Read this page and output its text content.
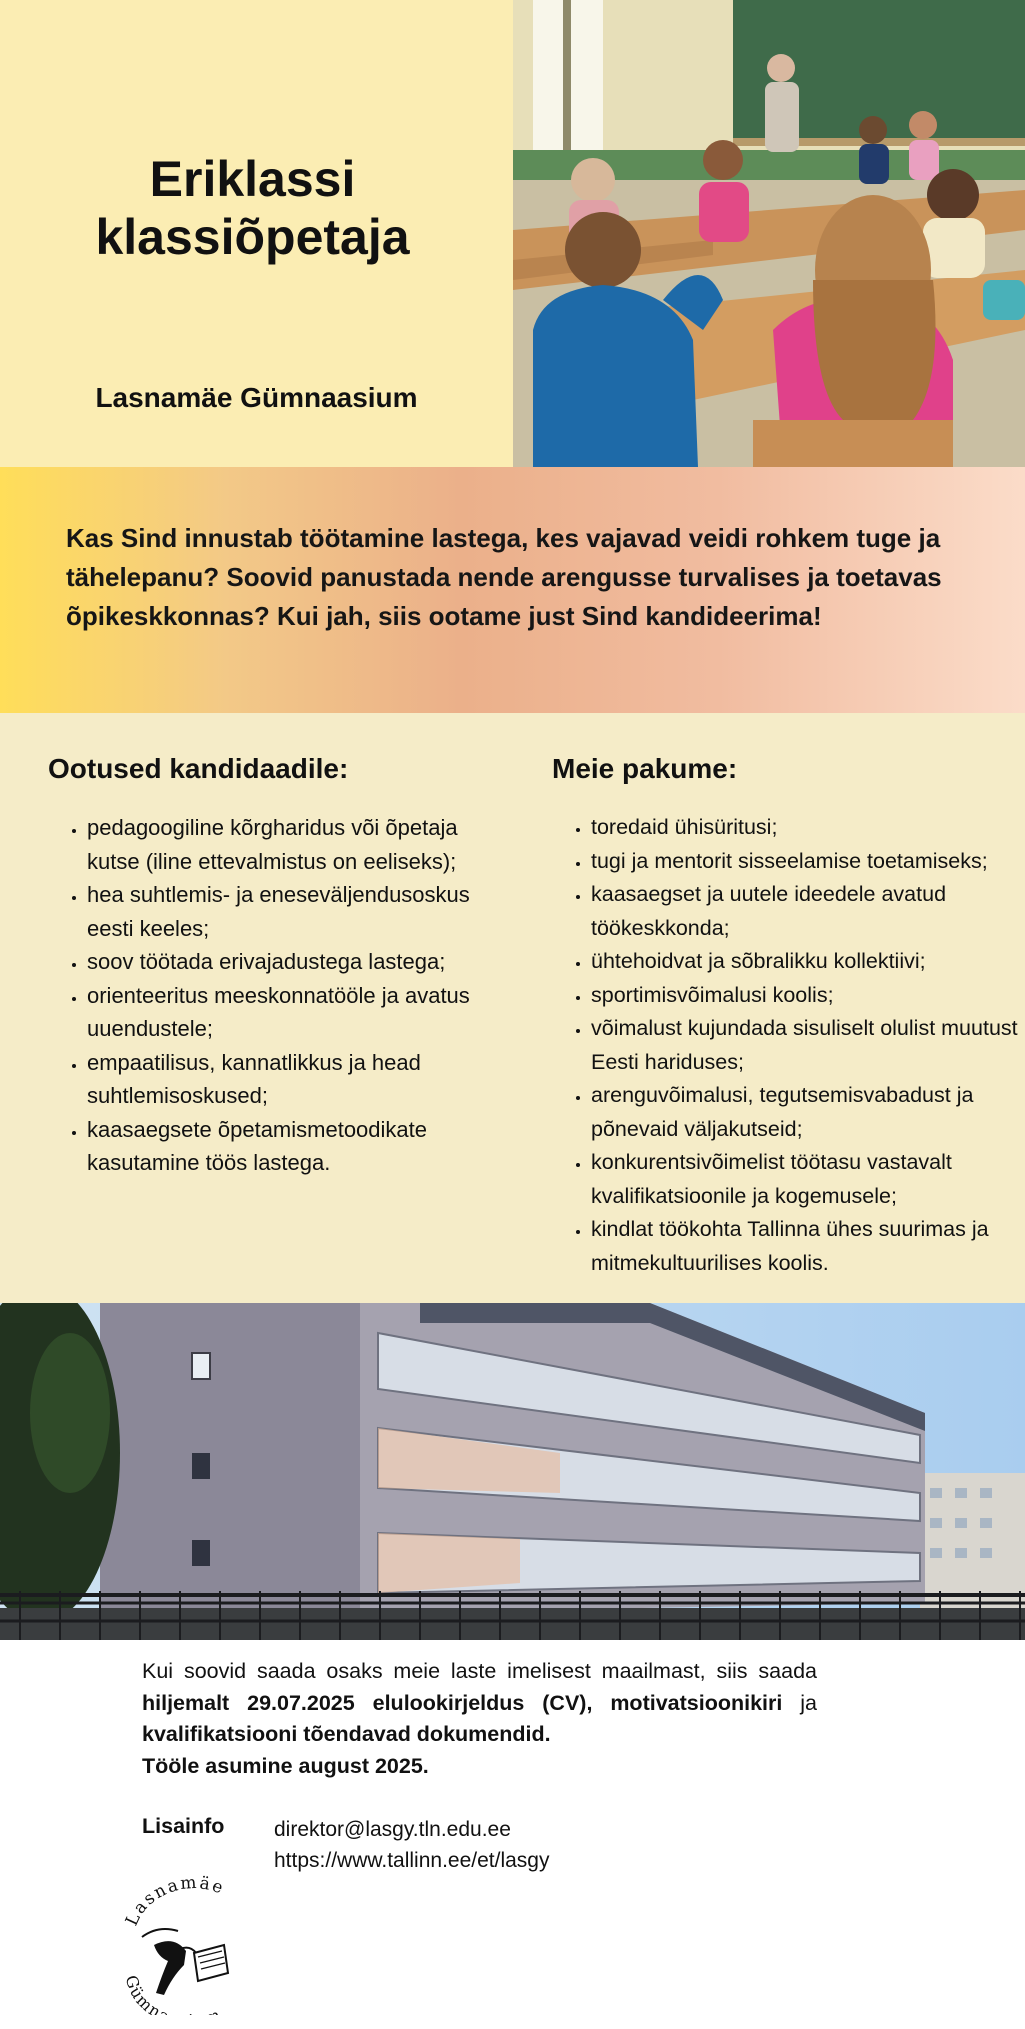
Eriklassi
klassiõpetaja
Lasnamäe Gümnaasium

Kas Sind innustab töötamine lastega, kes vajavad veidi rohkem tuge ja tähelepanu? Soovid panustada nende arengusse turvalises ja toetavas õpikeskkonnas? Kui jah, siis ootame just Sind kandideerima!

Ootused kandidaadile:
• pedagoogiline kõrgharidus või õpetaja kutse (iline ettevalmistus on eeliseks);
• hea suhtlemis- ja eneseväljendusoskus eesti keeles;
• soov töötada erivajadustega lastega;
• orienteeritus meeskonnatööle ja avatus uuendustele;
• empaatilisus, kannatlikkus ja head suhtlemisoskused;
• kaasaegsete õpetamismetoodikate kasutamine töös lastega.
Meie pakume:
• toredaid ühisüritusi;
• tugi ja mentorit sisseelamise toetamiseks;
• kaasaegset ja uutele ideedele avatud töökeskkonda;
• ühtehoidvat ja sõbralikku kollektiivi;
• sportimisvõimalusi koolis;
• võimalust kujundada sisuliselt olulist muutust Eesti hariduses;
• arenguvõimalusi, tegutsemisvabadust ja põnevaid väljakutseid;
• konkurentsivõimelist töötasu vastavalt kvalifikatsioonile ja kogemusele;
• kindlat töökohta Tallinna ühes suurimas ja mitmekultuurilises koolis.
Kui soovid saada osaks meie laste imelisest maailmast, siis saada hiljemalt 29.07.2025 elulookirjeldus (CV), motivatsioonikiri ja kvalifikatsiooni tõendavad dokumendid.
Tööle asumine august 2025.
Lisainfo direktor@lasgy.tln.edu.ee
https://www.tallinn.ee/et/lasgy
Lasnamäe
ümn
